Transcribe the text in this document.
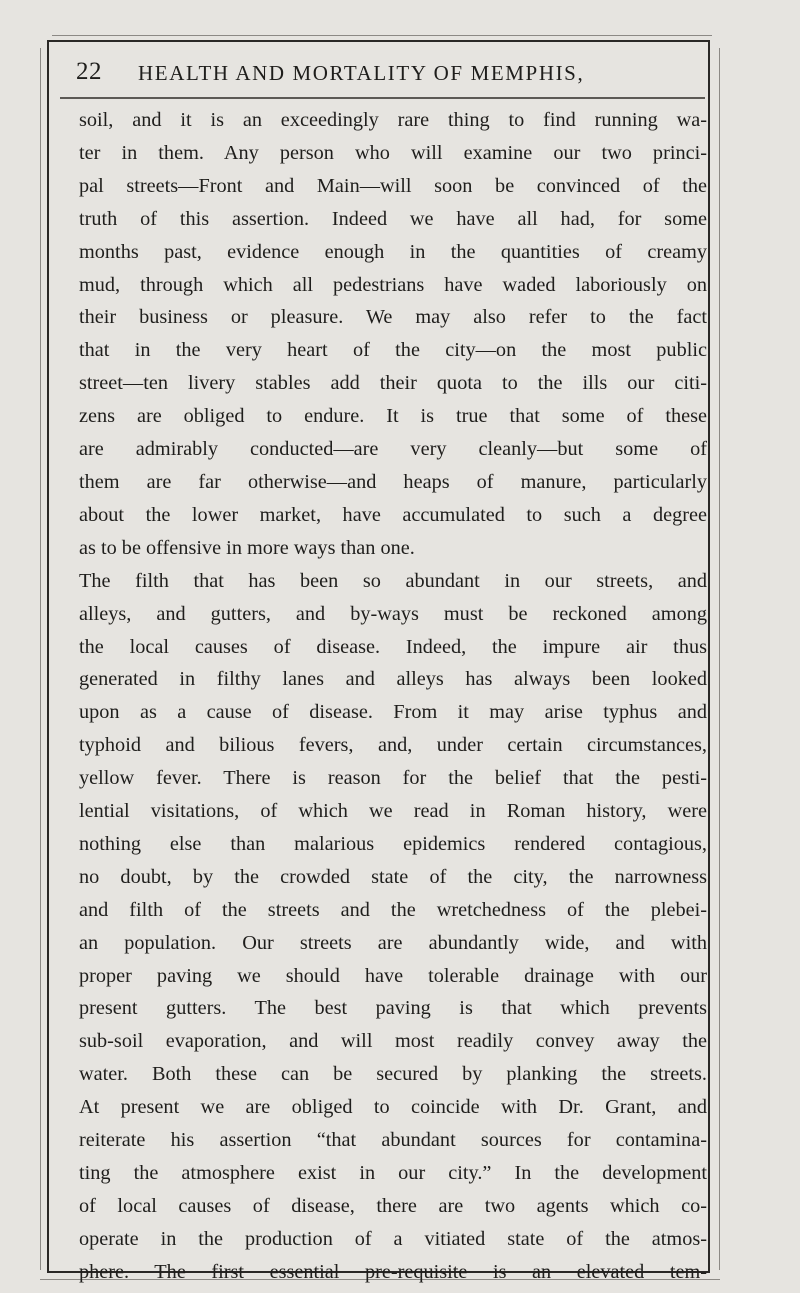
22 HEALTH AND MORTALITY OF MEMPHIS,
soil, and it is an exceedingly rare thing to find running wa-
ter in them. Any person who will examine our two princi-
pal streets—Front and Main—will soon be convinced of the
truth of this assertion. Indeed we have all had, for some
months past, evidence enough in the quantities of creamy
mud, through which all pedestrians have waded laboriously on
their business or pleasure. We may also refer to the fact
that in the very heart of the city—on the most public
street—ten livery stables add their quota to the ills our citi-
zens are obliged to endure. It is true that some of these
are admirably conducted—are very cleanly—but some of
them are far otherwise—and heaps of manure, particularly
about the lower market, have accumulated to such a degree
as to be offensive in more ways than one.
The filth that has been so abundant in our streets, and
alleys, and gutters, and by-ways must be reckoned among
the local causes of disease. Indeed, the impure air thus
generated in filthy lanes and alleys has always been looked
upon as a cause of disease. From it may arise typhus and
typhoid and bilious fevers, and, under certain circumstances,
yellow fever. There is reason for the belief that the pesti-
lential visitations, of which we read in Roman history, were
nothing else than malarious epidemics rendered contagious,
no doubt, by the crowded state of the city, the narrowness
and filth of the streets and the wretchedness of the plebei-
an population. Our streets are abundantly wide, and with
proper paving we should have tolerable drainage with our
present gutters. The best paving is that which prevents
sub-soil evaporation, and will most readily convey away the
water. Both these can be secured by planking the streets.
At present we are obliged to coincide with Dr. Grant, and
reiterate his assertion “that abundant sources for contamina-
ting the atmosphere exist in our city.” In the development
of local causes of disease, there are two agents which co-
operate in the production of a vitiated state of the atmos-
phere. The first essential pre-requisite is an elevated tem-
